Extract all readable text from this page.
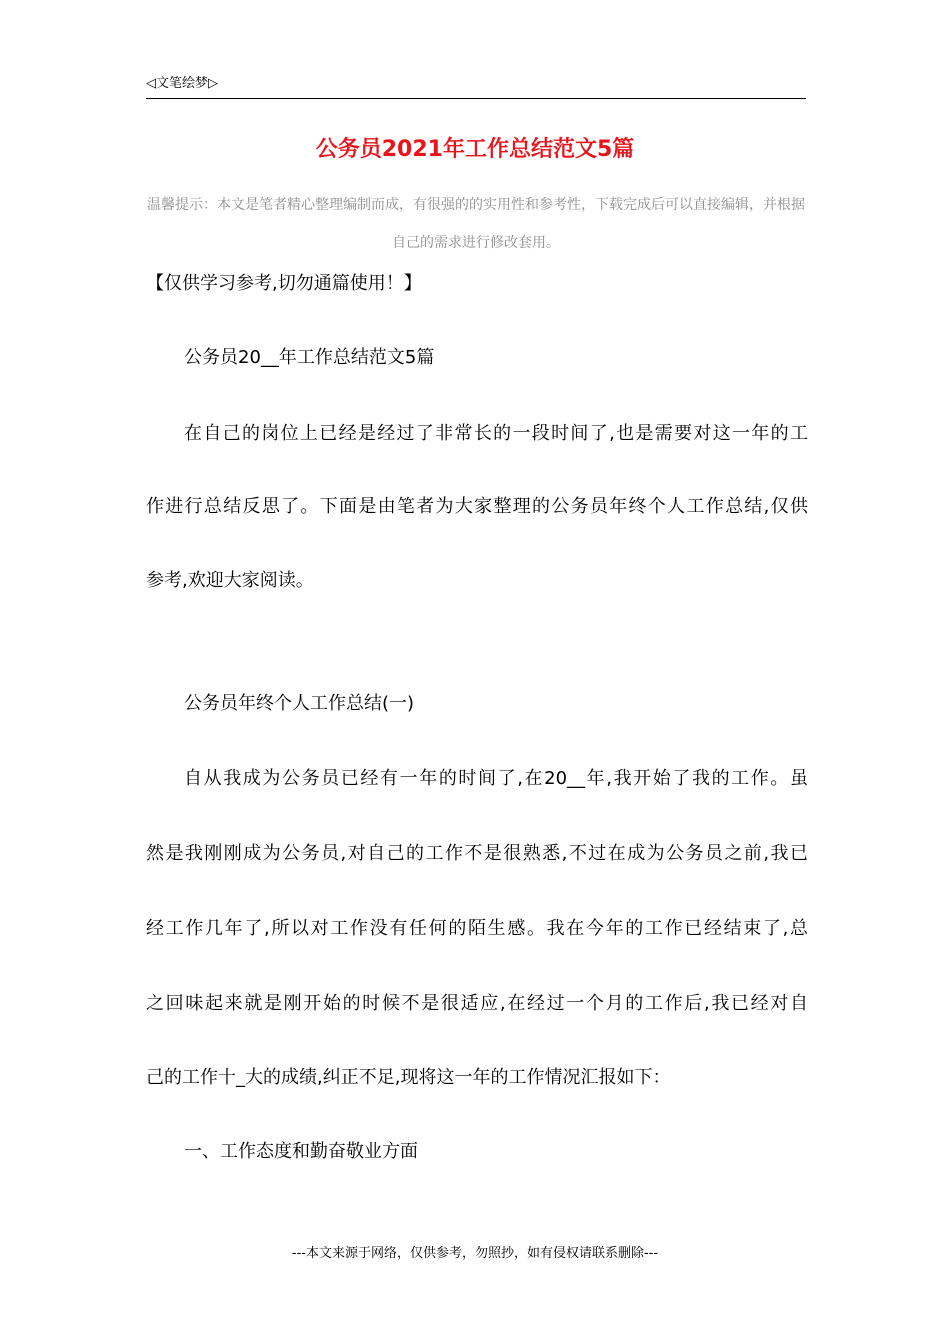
◁文笔绘梦▷
公务员2021年工作总结范文5篇
温馨提示：本文是笔者精心整理编制而成，有很强的的实用性和参考性，下载完成后可以直接编辑，并根据自己的需求进行修改套用。
【仅供学习参考,切勿通篇使用！】
公务员20__年工作总结范文5篇
在自己的岗位上已经是经过了非常长的一段时间了,也是需要对这一年的工
作进行总结反思了。下面是由笔者为大家整理的公务员年终个人工作总结,仅供
参考,欢迎大家阅读。
公务员年终个人工作总结(一)
自从我成为公务员已经有一年的时间了,在20__年,我开始了我的工作。虽
然是我刚刚成为公务员,对自己的工作不是很熟悉,不过在成为公务员之前,我已
经工作几年了,所以对工作没有任何的陌生感。我在今年的工作已经结束了,总
之回味起来就是刚开始的时候不是很适应,在经过一个月的工作后,我已经对自
己的工作十_大的成绩,纠正不足,现将这一年的工作情况汇报如下：
一、工作态度和勤奋敬业方面
---本文来源于网络，仅供参考，勿照抄，如有侵权请联系删除---
